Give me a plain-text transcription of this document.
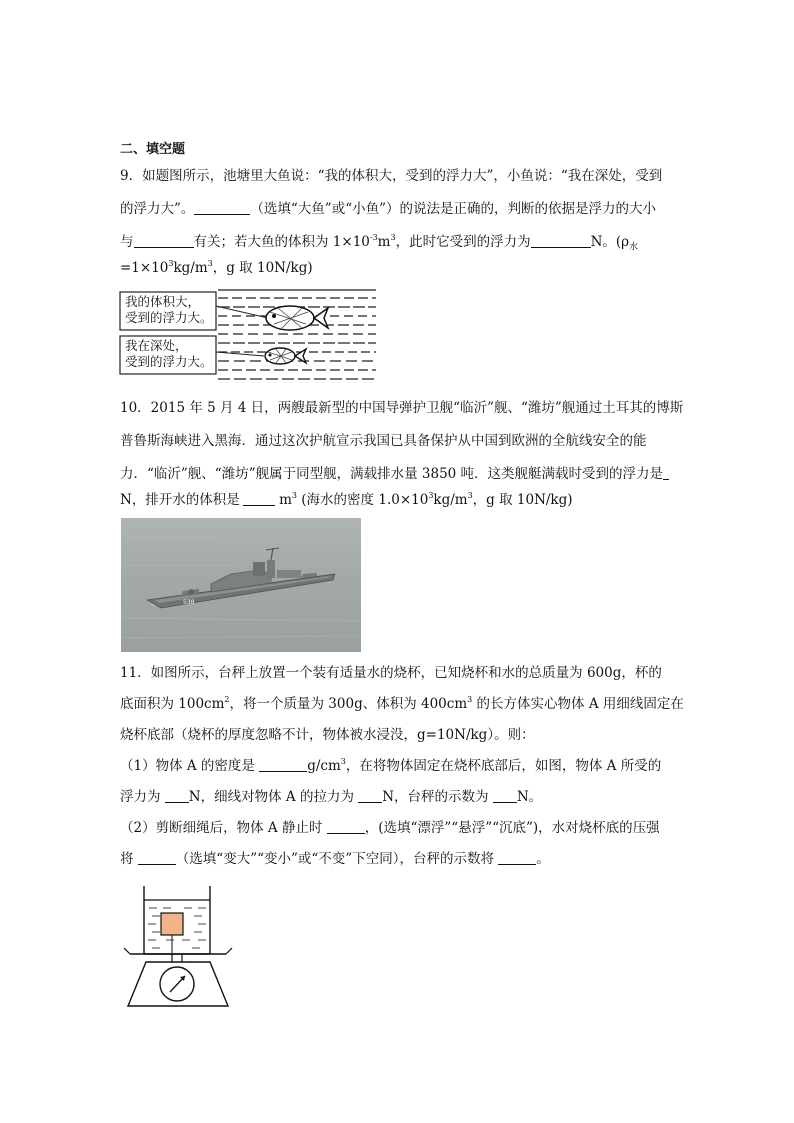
二、填空题
9．如题图所示，池塘里大鱼说：“我的体积大，受到的浮力大”，小鱼说：“我在深处，受到
的浮力大”。	（选填“大鱼”或“小鱼”）的说法是正确的，判断的依据是浮力的大小
与	有关；若大鱼的体积为 $1\times 10^{-3}m^3$，此时它受到的浮力为	N。($\rho_水$
$=1\times 10^3kg/m^3$，g 取 10N/kg)
我的体积大，
受到的浮力大。
我在深处，
受到的浮力大。
10．2015 年 5 月 4 日，两艘最新型的中国导弹护卫舰“临沂”舰、“潍坊”舰通过土耳其的博斯
普鲁斯海峡进入黑海．通过这次护航宣示我国已具备保护从中国到欧洲的全航线安全的能
力．“临沂”舰、“潍坊”舰属于同型舰，满载排水量 3850 吨．这类舰艇满载时受到的浮力是
N，排开水的体积是	$m^3$ (海水的密度 $1.0\times 10^3kg/m^3$，g 取 10N/kg)
538
11．如图所示，台秤上放置一个装有适量水的烧杯，已知烧杯和水的总质量为 600g，杯的
底面积为 $100cm^2$，将一个质量为 300g、体积为 $400cm^3$ 的长方体实心物体 A 用细线固定在
烧杯底部（烧杯的厚度忽略不计，物体被水浸没，g=10N/kg）。则：
（1）物体 A 的密度是	$g/cm^3$，在将物体固定在烧杯底部后，如图，物体 A 所受的
浮力为 N，细线对物体 A 的拉力为 N，台秤的示数为 N。
（2）剪断细绳后，物体 A 静止时	，(选填“漂浮”“悬浮”“沉底”)，水对烧杯底的压强
将	（选填“变大”“变小”或“不变”下空同），台秤的示数将	。
